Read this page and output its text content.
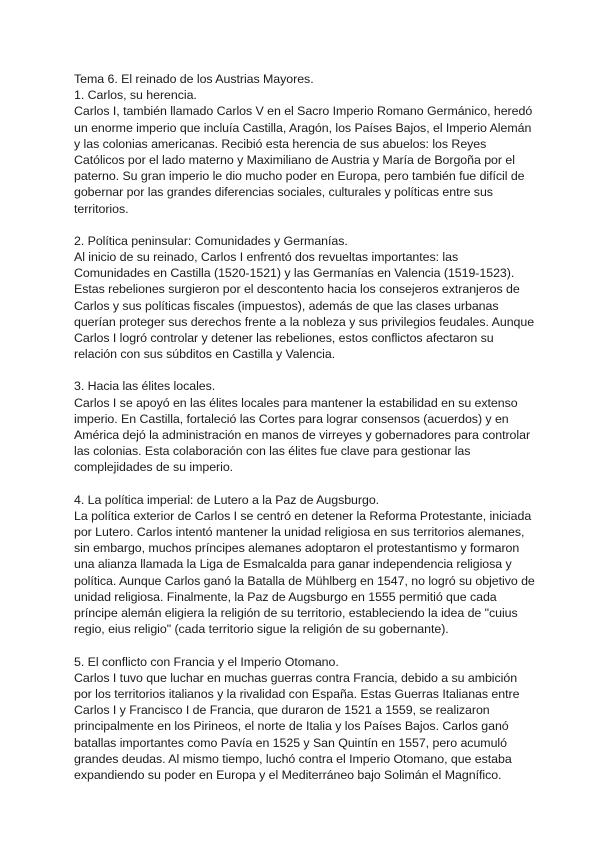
Tema 6. El reinado de los Austrias Mayores.
1. Carlos, su herencia.
Carlos I, también llamado Carlos V en el Sacro Imperio Romano Germánico, heredó
un enorme imperio que incluía Castilla, Aragón, los Países Bajos, el Imperio Alemán
y las colonias americanas. Recibió esta herencia de sus abuelos: los Reyes
Católicos por el lado materno y Maximiliano de Austria y María de Borgoña por el
paterno. Su gran imperio le dio mucho poder en Europa, pero también fue difícil de
gobernar por las grandes diferencias sociales, culturales y políticas entre sus
territorios.
2. Política peninsular: Comunidades y Germanías.
Al inicio de su reinado, Carlos I enfrentó dos revueltas importantes: las
Comunidades en Castilla (1520-1521) y las Germanías en Valencia (1519-1523).
Estas rebeliones surgieron por el descontento hacia los consejeros extranjeros de
Carlos y sus políticas fiscales (impuestos), además de que las clases urbanas
querían proteger sus derechos frente a la nobleza y sus privilegios feudales. Aunque
Carlos I logró controlar y detener las rebeliones, estos conflictos afectaron su
relación con sus súbditos en Castilla y Valencia.
3. Hacia las élites locales.
Carlos I se apoyó en las élites locales para mantener la estabilidad en su extenso
imperio. En Castilla, fortaleció las Cortes para lograr consensos (acuerdos) y en
América dejó la administración en manos de virreyes y gobernadores para controlar
las colonias. Esta colaboración con las élites fue clave para gestionar las
complejidades de su imperio.
4. La política imperial: de Lutero a la Paz de Augsburgo.
La política exterior de Carlos I se centró en detener la Reforma Protestante, iniciada
por Lutero. Carlos intentó mantener la unidad religiosa en sus territorios alemanes,
sin embargo, muchos príncipes alemanes adoptaron el protestantismo y formaron
una alianza llamada la Liga de Esmalcalda para ganar independencia religiosa y
política. Aunque Carlos ganó la Batalla de Mühlberg en 1547, no logró su objetivo de
unidad religiosa. Finalmente, la Paz de Augsburgo en 1555 permitió que cada
príncipe alemán eligiera la religión de su territorio, estableciendo la idea de "cuius
regio, eius religio" (cada territorio sigue la religión de su gobernante).
5. El conflicto con Francia y el Imperio Otomano.
Carlos I tuvo que luchar en muchas guerras contra Francia, debido a su ambición
por los territorios italianos y la rivalidad con España. Estas Guerras Italianas entre
Carlos I y Francisco I de Francia, que duraron de 1521 a 1559, se realizaron
principalmente en los Pirineos, el norte de Italia y los Países Bajos. Carlos ganó
batallas importantes como Pavía en 1525 y San Quintín en 1557, pero acumuló
grandes deudas. Al mismo tiempo, luchó contra el Imperio Otomano, que estaba
expandiendo su poder en Europa y el Mediterráneo bajo Solimán el Magnífico.
